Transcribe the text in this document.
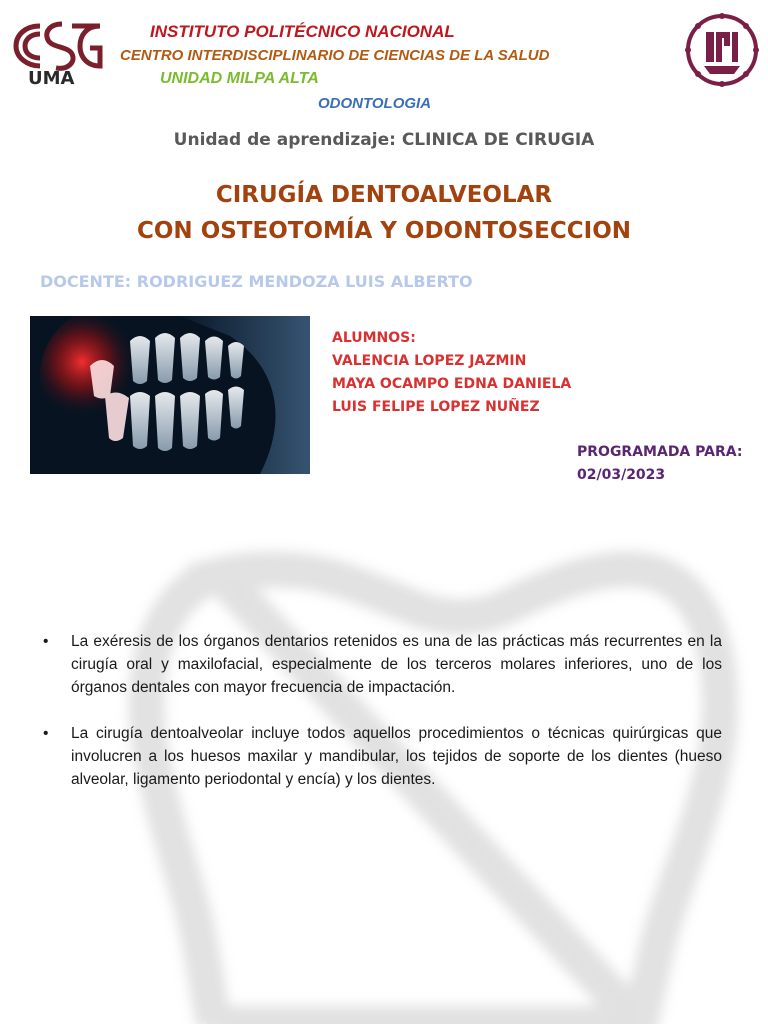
UMA
INSTITUTO POLITÉCNICO NACIONAL
CENTRO INTERDISCIPLINARIO DE CIENCIAS DE LA SALUD
UNIDAD MILPA ALTA
ODONTOLOGIA
Unidad de aprendizaje: CLINICA DE CIRUGIA
CIRUGÍA DENTOALVEOLAR
CON OSTEOTOMÍA Y ODONTOSECCION
DOCENTE: RODRIGUEZ MENDOZA LUIS ALBERTO
ALUMNOS:
VALENCIA LOPEZ JAZMIN
MAYA OCAMPO EDNA DANIELA
LUIS FELIPE LOPEZ NUÑEZ
PROGRAMADA PARA:
02/03/2023
• La exéresis de los órganos dentarios retenidos es una de las prácticas más recurrentes en la cirugía oral y maxilofacial, especialmente de los terceros molares inferiores, uno de los órganos dentales con mayor frecuencia de impactación.
• La cirugía dentoalveolar incluye todos aquellos procedimientos o técnicas quirúrgicas que involucren a los huesos maxilar y mandibular, los tejidos de soporte de los dientes (hueso alveolar, ligamento periodontal y encía) y los dientes.
